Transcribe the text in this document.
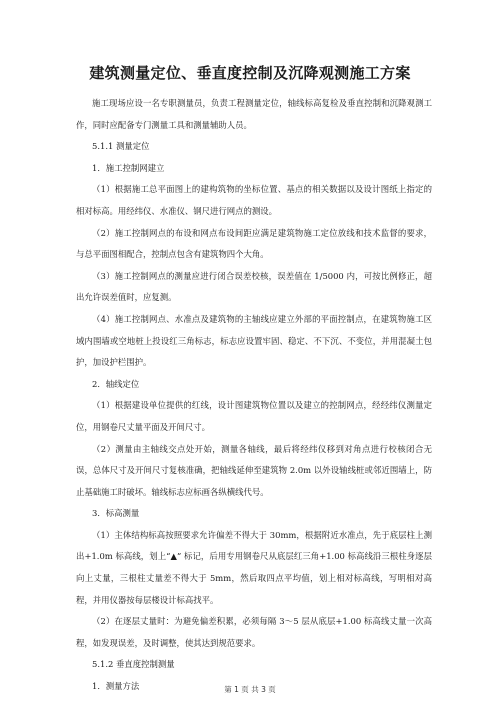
建筑测量定位、垂直度控制及沉降观测施工方案

施工现场应设一名专职测量员，负责工程测量定位，轴线标高复检及垂直控制和沉降观测工作，同时应配备专门测量工具和测量辅助人员。

5.1.1 测量定位

1．施工控制网建立

（1）根据施工总平面图上的建构筑物的坐标位置、基点的相关数据以及设计图纸上指定的相对标高。用经纬仪、水准仪、钢尺进行网点的测设。

（2）施工控制网点的布设和网点布设间距应满足建筑物施工定位放线和技术监督的要求，与总平面图相配合，控制点包含有建筑物四个大角。

（3）施工控制网点的测量应进行闭合误差校核，误差值在 1/5000 内，可按比例修正，超出允许误差值时，应复测。

（4）施工控制网点、水准点及建筑物的主轴线应建立外部的平面控制点，在建筑物施工区域内围墙或空地桩上投设红三角标志，标志应设置牢固、稳定、不下沉、不变位，并用混凝土包护，加设护栏围护。

2．轴线定位

（1）根据建设单位提供的红线，设计图建筑物位置以及建立的控制网点，经经纬仪测量定位，用钢卷尺丈量平面及开间尺寸。

（2）测量由主轴线交点处开始，测量各轴线，最后将经纬仪移到对角点进行校核闭合无误，总体尺寸及开间尺寸复核准确，把轴线延伸至建筑物 2.0m 以外设轴线桩或邻近围墙上，防止基础施工时破坏。轴线标志应标画各纵横线代号。

3．标高测量

（1）主体结构标高按照要求允许偏差不得大于 30mm，根据附近水准点，先于底层柱上测出+1.0m 标高线，划上“▲” 标记，后用专用钢卷尺从底层红三角+1.00 标高线沿三根柱身逐层向上丈量，三根柱丈量差不得大于 5mm，然后取四点平均值，划上相对标高线，写明相对高程，并用仪器按每层楼设计标高找平。

（2）在逐层丈量时：为避免偏差积累，必须每隔 3～5 层从底层+1.00 标高线丈量一次高程，如发现误差，及时调整，使其达到规范要求。

5.1.2 垂直度控制测量

1．测量方法	第 1 页 共 3 页
